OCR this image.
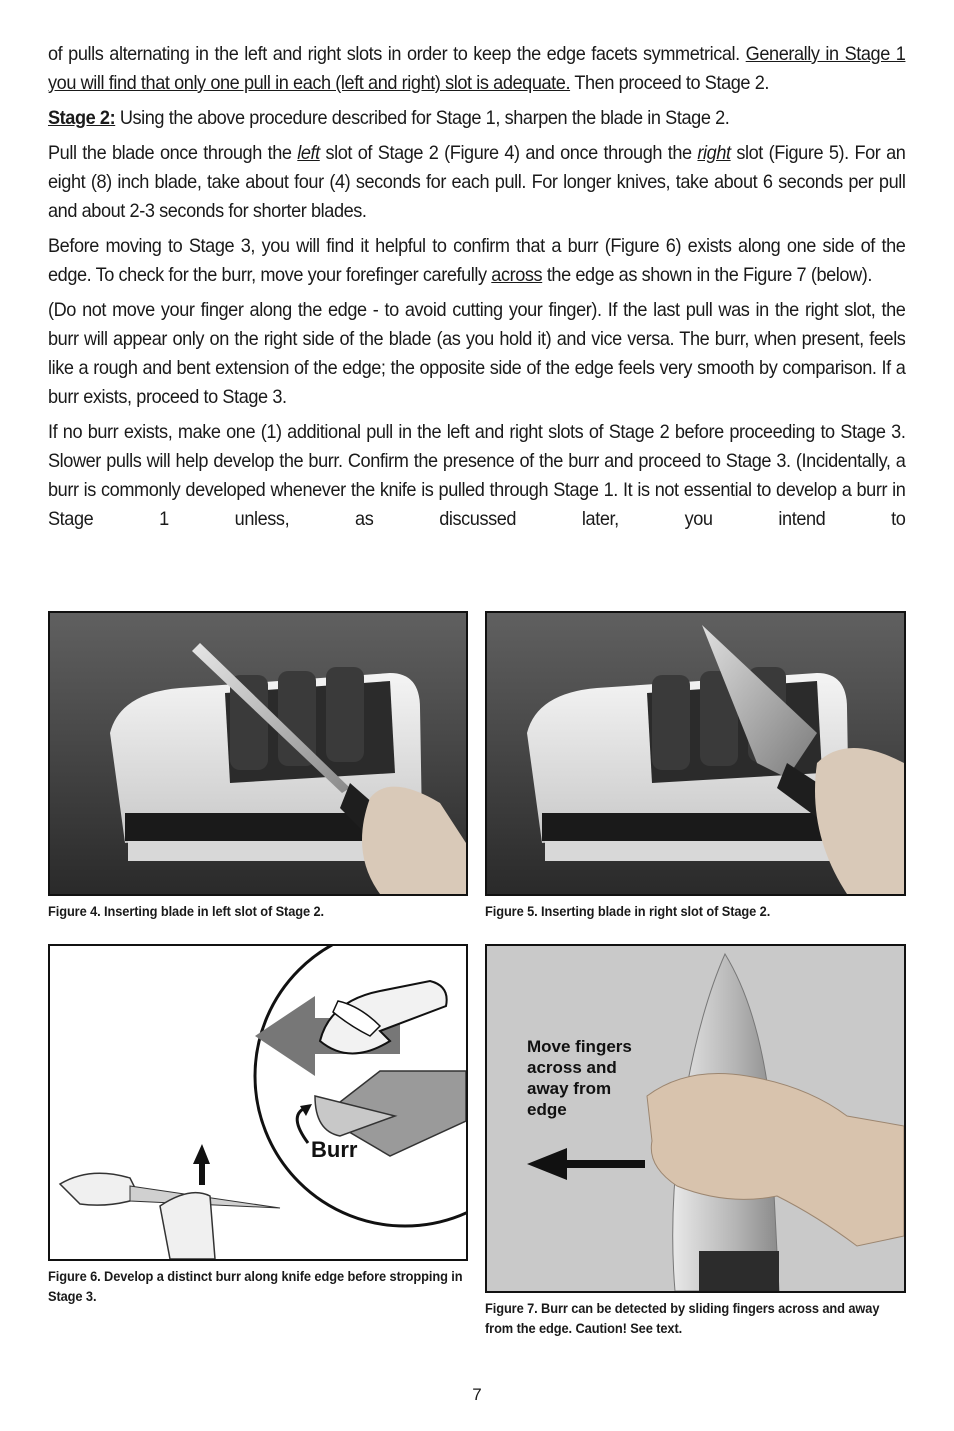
of pulls alternating in the left and right slots in order to keep the edge facets symmetrical. Generally in Stage 1 you will find that only one pull in each (left and right) slot is adequate. Then proceed to Stage 2.

Stage 2: Using the above procedure described for Stage 1, sharpen the blade in Stage 2.

Pull the blade once through the left slot of Stage 2 (Figure 4) and once through the right slot (Figure 5). For an eight (8) inch blade, take about four (4) seconds for each pull. For longer knives, take about 6 seconds per pull and about 2-3 seconds for shorter blades.

Before moving to Stage 3, you will find it helpful to confirm that a burr (Figure 6) exists along one side of the edge. To check for the burr, move your forefinger carefully across the edge as shown in the Figure 7 (below).

(Do not move your finger along the edge - to avoid cutting your finger). If the last pull was in the right slot, the burr will appear only on the right side of the blade (as you hold it) and vice versa. The burr, when present, feels like a rough and bent extension of the edge; the opposite side of the edge feels very smooth by comparison. If a burr exists, proceed to Stage 3.

If no burr exists, make one (1) additional pull in the left and right slots of Stage 2 before proceeding to Stage 3. Slower pulls will help develop the burr. Confirm the presence of the burr and proceed to Stage 3. (Incidentally, a burr is commonly developed whenever the knife is pulled through Stage 1. It is not essential to develop a burr in Stage 1 unless, as discussed later, you intend to

Figure 4. Inserting blade in left slot of Stage 2.	Figure 5. Inserting blade in right slot of Stage 2.
Burr
Figure 6. Develop a distinct burr along knife edge before stropping in Stage 3.
Move fingers
across and
away from
edge
Figure 7. Burr can be detected by sliding fingers across and away from the edge. Caution! See text.
7
